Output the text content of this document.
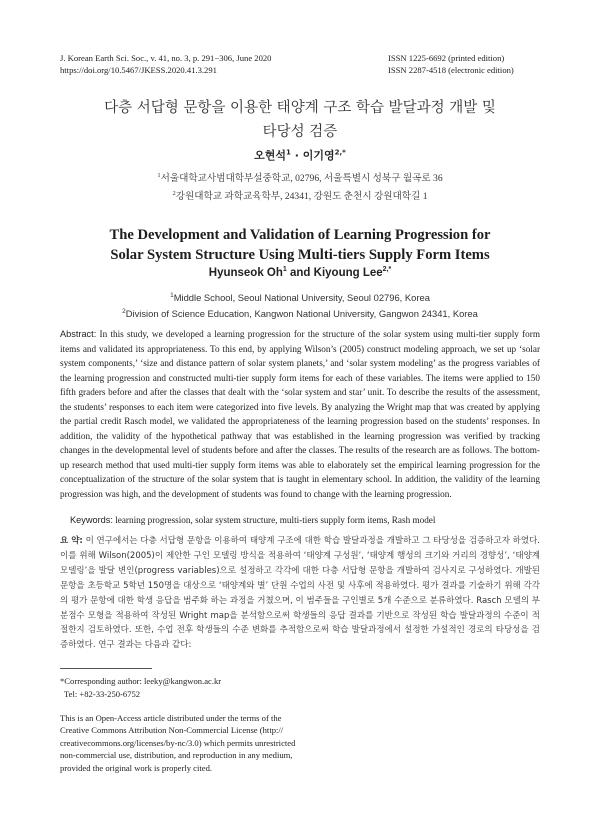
J. Korean Earth Sci. Soc., v. 41, no. 3, p. 291−306, June 2020
https://doi.org/10.5467/JKESS.2020.41.3.291
ISSN 1225-6692 (printed edition)
ISSN 2287-4518 (electronic edition)
다층 서답형 문항을 이용한 태양계 구조 학습 발달과정 개발 및
타당성 검증
오현석$^1$ · 이기영$^{2,*}$
$^1$서울대학교사범대학부설중학교, 02796, 서울특별시 성북구 월곡로 36
$^2$강원대학교 과학교육학부, 24341, 강원도 춘천시 강원대학길 1
The Development and Validation of Learning Progression for
Solar System Structure Using Multi-tiers Supply Form Items
Hyunseok Oh$^1$ and Kiyoung Lee$^{2,*}$
$^1$Middle School, Seoul National University, Seoul 02796, Korea
$^2$Division of Science Education, Kangwon National University, Gangwon 24341, Korea
Abstract: In this study, we developed a learning progression for the structure of the solar system using multi-tier supply form items and validated its appropriateness. To this end, by applying Wilson’s (2005) construct modeling approach, we set up ‘solar system components,’ ‘size and distance pattern of solar system planets,’ and ‘solar system modeling’ as the progress variables of the learning progression and constructed multi-tier supply form items for each of these variables. The items were applied to 150 fifth graders before and after the classes that dealt with the ‘solar system and star’ unit. To describe the results of the assessment, the students’ responses to each item were categorized into five levels. By analyzing the Wright map that was created by applying the partial credit Rasch model, we validated the appropriateness of the learning progression based on the students’ responses. In addition, the validity of the hypothetical pathway that was established in the learning progression was verified by tracking changes in the developmental level of students before and after the classes. The results of the research are as follows. The bottom-up research method that used multi-tier supply form items was able to elaborately set the empirical learning progression for the conceptualization of the structure of the solar system that is taught in elementary school. In addition, the validity of the learning progression was high, and the development of students was found to change with the learning progression.
Keywords: learning progression, solar system structure, multi-tiers supply form items, Rash model
요 약: 이 연구에서는 다층 서답형 문항을 이용하여 태양계 구조에 대한 학습 발달과정을 개발하고 그 타당성을 검증하고자 하였다. 이를 위해 Wilson(2005)이 제안한 구인 모델링 방식을 적용하여 ‘태양계 구성원’, ‘태양계 행성의 크기와 거리의 경향성’, ‘태양계 모델링’을 발달 변인(progress variables)으로 설정하고 각각에 대한 다층 서답형 문항을 개발하여 검사지로 구성하였다. 개발된 문항을 초등학교 5학년 150명을 대상으로 ‘태양계와 별’ 단원 수업의 사전 및 사후에 적용하였다. 평가 결과를 기술하기 위해 각각의 평가 문항에 대한 학생 응답을 범주화 하는 과정을 거쳤으며, 이 범주들을 구인별로 5개 수준으로 분류하였다. Rasch 모델의 부분점수 모형을 적용하여 작성된 Wright map을 분석함으로써 학생들의 응답 결과를 기반으로 작성된 학습 발달과정의 수준이 적절한지 검토하였다. 또한, 수업 전후 학생들의 수준 변화를 추적함으로써 학습 발달과정에서 설정한 가설적인 경로의 타당성을 검증하였다. 연구 결과는 다음과 같다:
*Corresponding author: leeky@kangwon.ac.kr
Tel: +82-33-250-6752
This is an Open-Access article distributed under the terms of the
Creative Commons Attribution Non-Commercial License (http://
creativecommons.org/licenses/by-nc/3.0) which permits unrestricted
non-commercial use, distribution, and reproduction in any medium,
provided the original work is properly cited.
